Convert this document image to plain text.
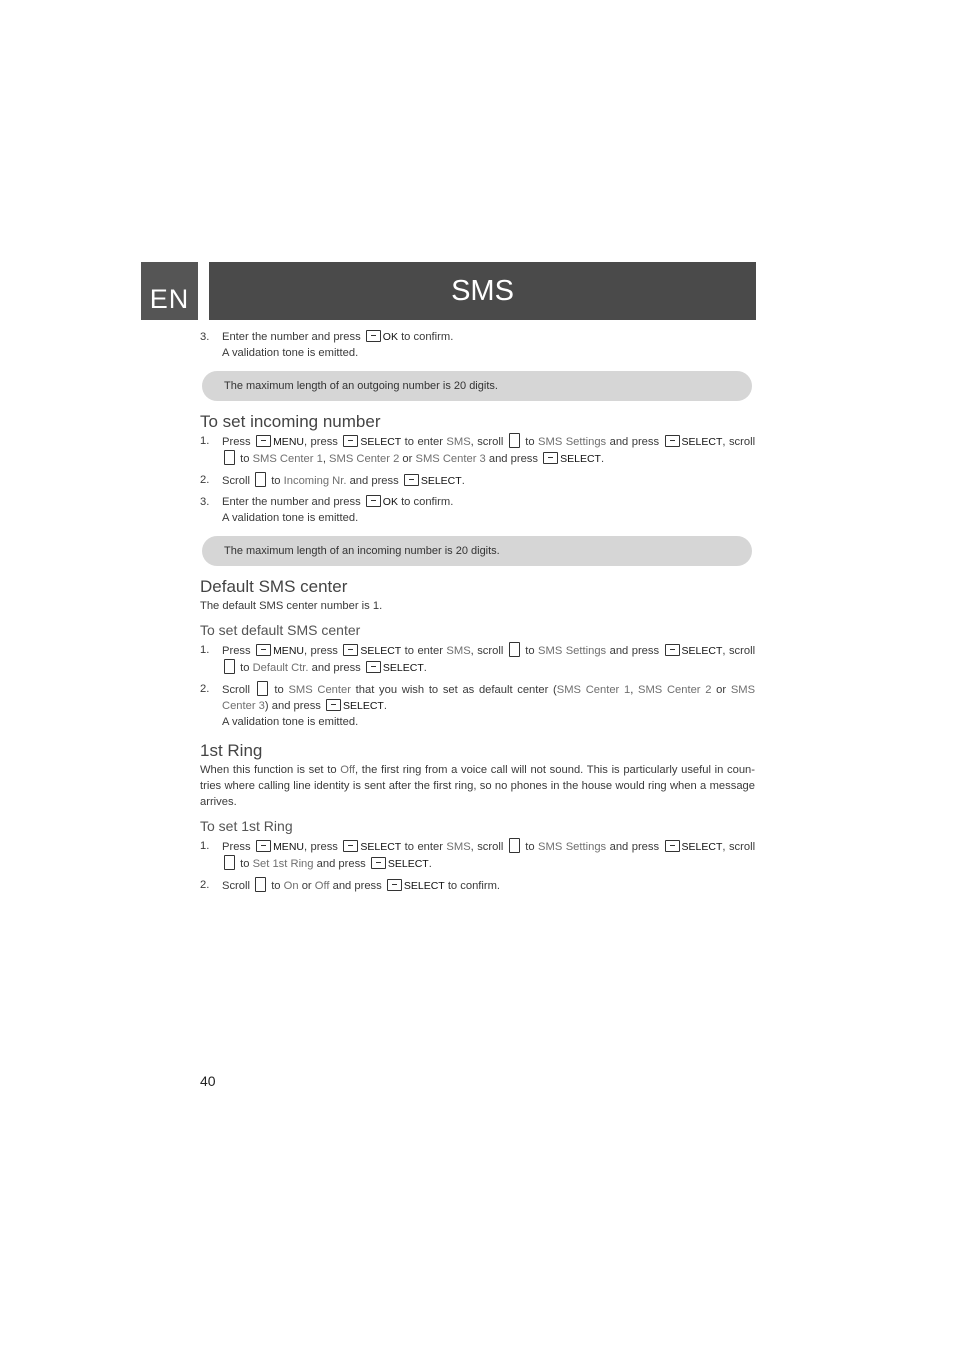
EN	SMS
3. Enter the number and press OK to confirm.
A validation tone is emitted.
The maximum length of an outgoing number is 20 digits.
To set incoming number
1. Press MENU, press SELECT to enter SMS, scroll to SMS Settings and press SELECT, scroll  to SMS Center 1, SMS Center 2 or SMS Center 3 and press SELECT.
2. Scroll to Incoming Nr. and press SELECT.
3. Enter the number and press OK to confirm.
A validation tone is emitted.
The maximum length of an incoming number is 20 digits.
Default SMS center

The default SMS center number is 1.

To set default SMS center
1. Press MENU, press SELECT to enter SMS, scroll to SMS Settings and press SELECT, scroll  to Default Ctr. and press SELECT.
2. Scroll to SMS Center that you wish to set as default center (SMS Center 1, SMS Center 2 or SMS Center 3) and press SELECT.
A validation tone is emitted.
1st Ring

When this function is set to Off, the first ring from a voice call will not sound. This is particularly useful in coun-tries where calling line identity is sent after the first ring, so no phones in the house would ring when a message arrives.

To set 1st Ring
1. Press MENU, press SELECT to enter SMS, scroll to SMS Settings and press SELECT, scroll  to Set 1st Ring and press SELECT.
2. Scroll to On or Off and press SELECT to confirm.
40
